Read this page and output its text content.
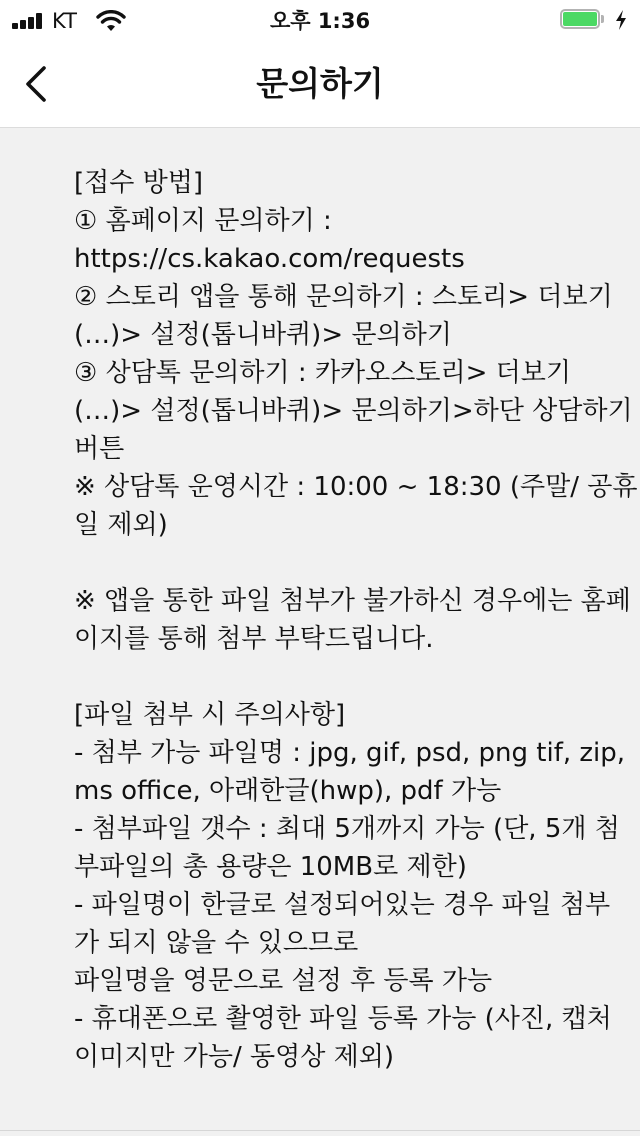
KT	오후 1:36
문의하기
[접수 방법]
① 홈페이지 문의하기 :
https://cs.kakao.com/requests
② 스토리 앱을 통해 문의하기 : 스토리> 더보기
(…)> 설정(톱니바퀴)> 문의하기
③ 상담톡 문의하기 : 카카오스토리> 더보기
(…)> 설정(톱니바퀴)> 문의하기>하단 상담하기
버튼
※ 상담톡 운영시간 : 10:00 ~ 18:30 (주말/ 공휴
일 제외)
※ 앱을 통한 파일 첨부가 불가하신 경우에는 홈페
이지를 통해 첨부 부탁드립니다.
[파일 첨부 시 주의사항]
- 첨부 가능 파일명 : jpg, gif, psd, png tif, zip,
ms office, 아래한글(hwp), pdf 가능
- 첨부파일 갯수 : 최대 5개까지 가능 (단, 5개 첨
부파일의 총 용량은 10MB로 제한)
- 파일명이 한글로 설정되어있는 경우 파일 첨부
가 되지 않을 수 있으므로
파일명을 영문으로 설정 후 등록 가능
- 휴대폰으로 촬영한 파일 등록 가능 (사진, 캡처
이미지만 가능/ 동영상 제외)
